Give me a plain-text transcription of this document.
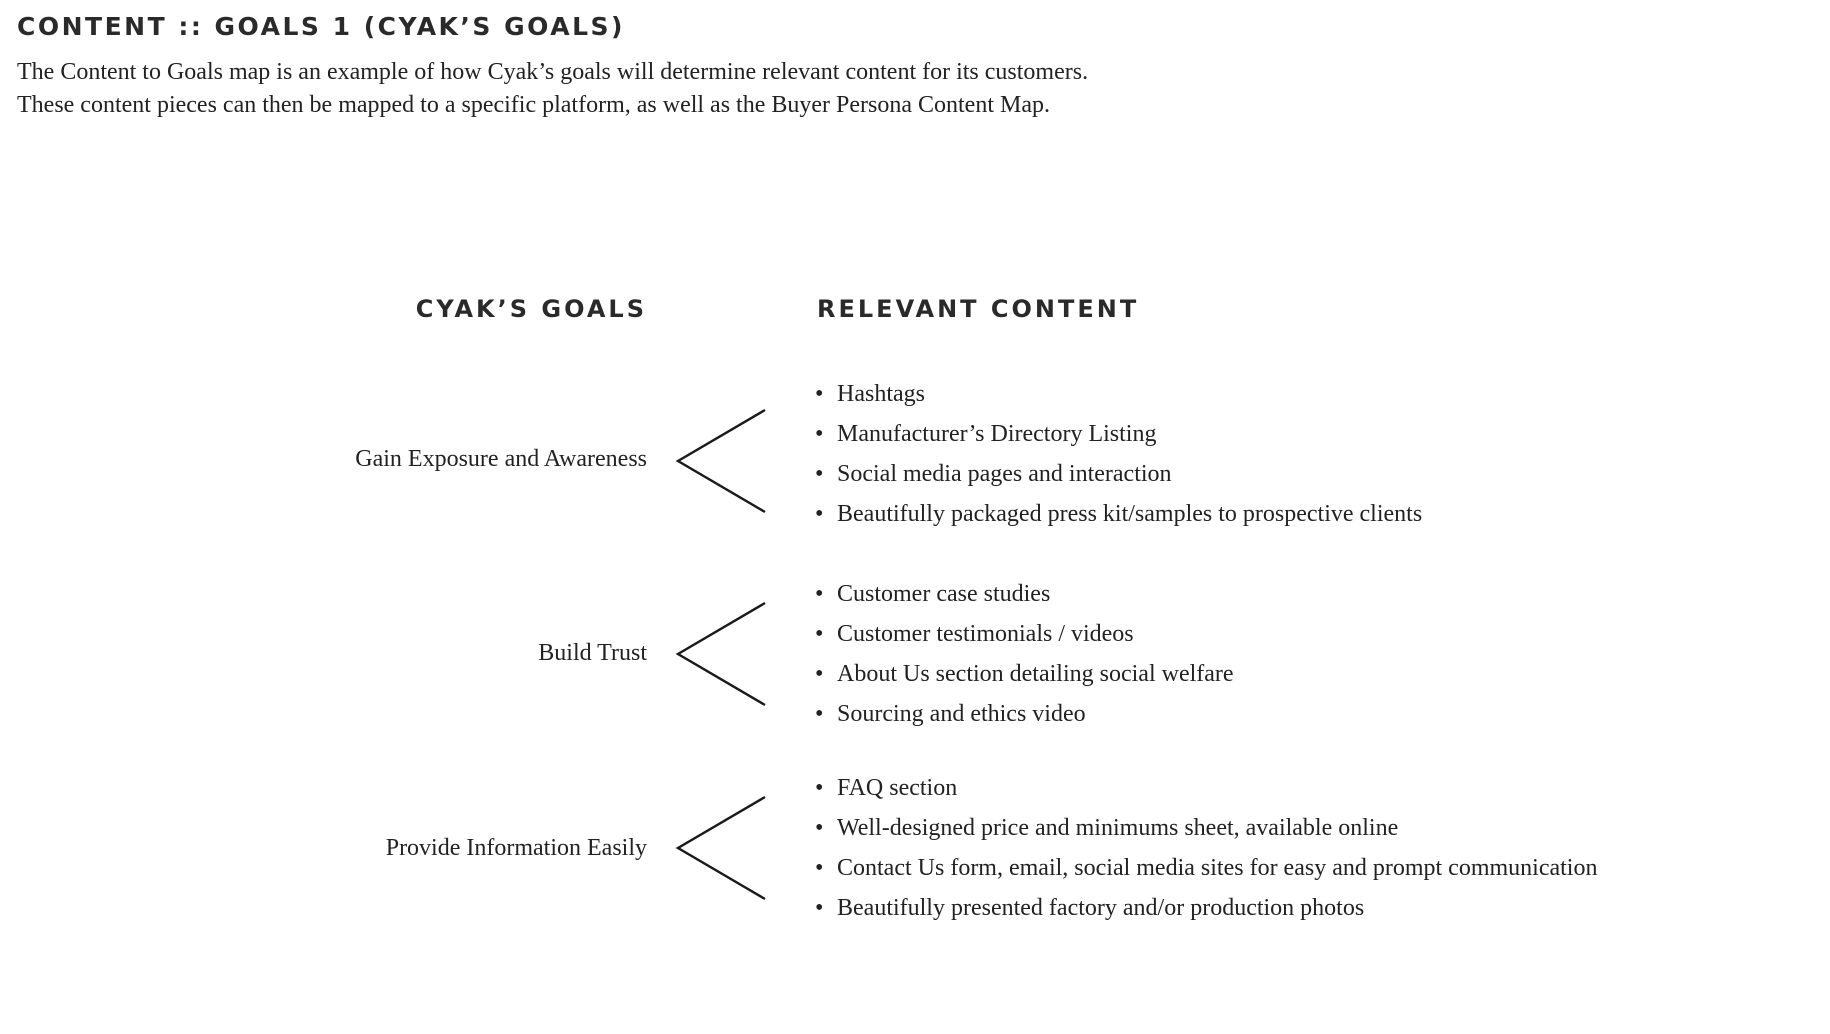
CONTENT :: GOALS 1 (CYAK’S GOALS)

The Content to Goals map is an example of how Cyak’s goals will determine relevant content for its customers.

These content pieces can then be mapped to a specific platform, as well as the Buyer Persona Content Map.

CYAK’S GOALS	RELEVANT CONTENT
Gain Exposure and Awareness
• Hashtags
• Manufacturer’s Directory Listing
• Social media pages and interaction
• Beautifully packaged press kit/samples to prospective clients
Build Trust
• Customer case studies
• Customer testimonials / videos
• About Us section detailing social welfare
• Sourcing and ethics video
Provide Information Easily
• FAQ section
• Well-designed price and minimums sheet, available online
• Contact Us form, email, social media sites for easy and prompt communication
• Beautifully presented factory and/or production photos
